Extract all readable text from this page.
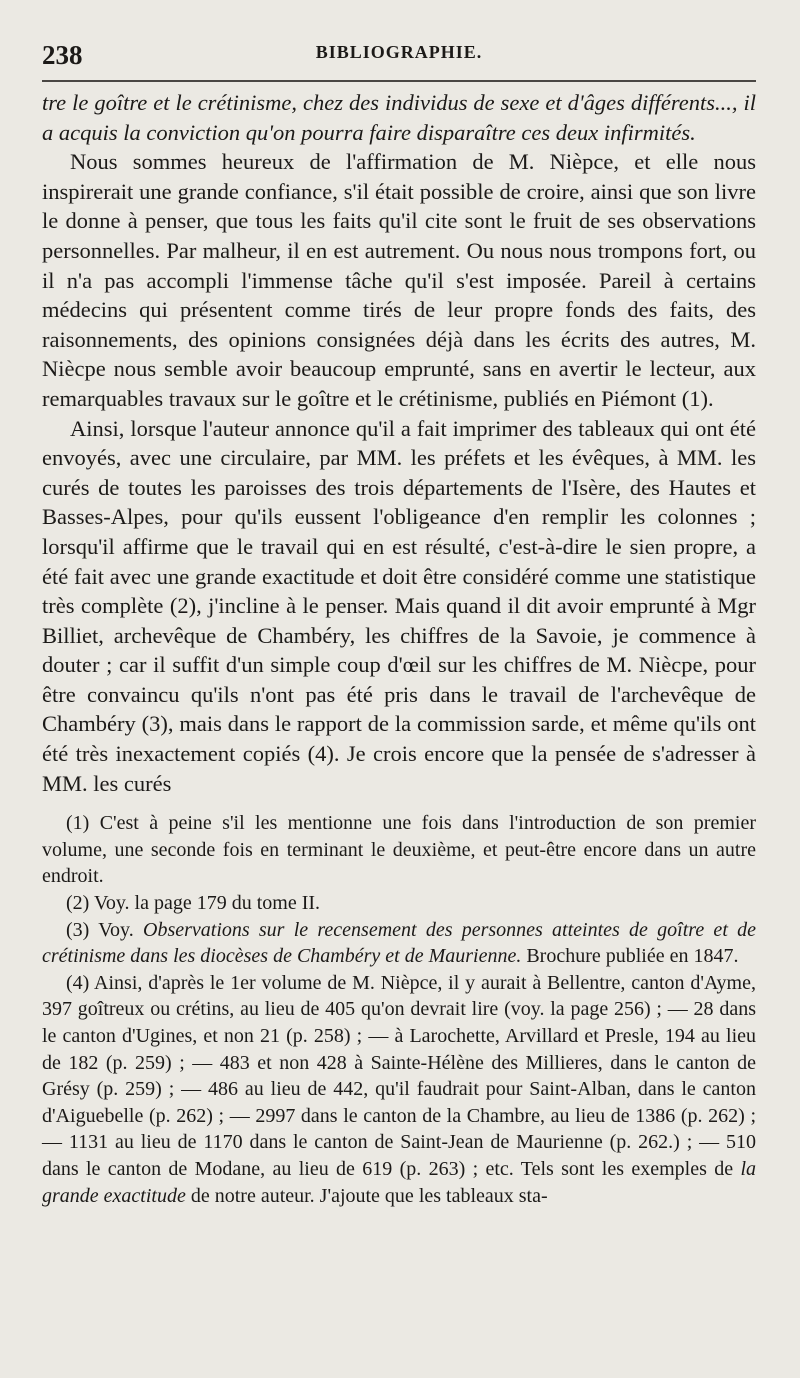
238	BIBLIOGRAPHIE.

tre le goître et le crétinisme, chez des individus de sexe et d'âges différents..., il a acquis la conviction qu'on pourra faire disparaître ces deux infirmités.

Nous sommes heureux de l'affirmation de M. Nièpce, et elle nous inspirerait une grande confiance, s'il était possible de croire, ainsi que son livre le donne à penser, que tous les faits qu'il cite sont le fruit de ses observations personnelles. Par malheur, il en est autrement. Ou nous nous trompons fort, ou il n'a pas accompli l'immense tâche qu'il s'est imposée. Pareil à certains médecins qui présentent comme tirés de leur propre fonds des faits, des raisonnements, des opinions consignées déjà dans les écrits des autres, M. Niècpe nous semble avoir beaucoup emprunté, sans en avertir le lecteur, aux remarquables travaux sur le goître et le crétinisme, publiés en Piémont (1).

Ainsi, lorsque l'auteur annonce qu'il a fait imprimer des tableaux qui ont été envoyés, avec une circulaire, par MM. les préfets et les évêques, à MM. les curés de toutes les paroisses des trois départements de l'Isère, des Hautes et Basses-Alpes, pour qu'ils eussent l'obligeance d'en remplir les colonnes ; lorsqu'il affirme que le travail qui en est résulté, c'est-à-dire le sien propre, a été fait avec une grande exactitude et doit être considéré comme une statistique très complète (2), j'incline à le penser. Mais quand il dit avoir emprunté à Mgr Billiet, archevêque de Chambéry, les chiffres de la Savoie, je commence à douter ; car il suffit d'un simple coup d'œil sur les chiffres de M. Niècpe, pour être convaincu qu'ils n'ont pas été pris dans le travail de l'archevêque de Chambéry (3), mais dans le rapport de la commission sarde, et même qu'ils ont été très inexactement copiés (4). Je crois encore que la pensée de s'adresser à MM. les curés

(1) C'est à peine s'il les mentionne une fois dans l'introduction de son premier volume, une seconde fois en terminant le deuxième, et peut-être encore dans un autre endroit.

(2) Voy. la page 179 du tome II.

(3) Voy. Observations sur le recensement des personnes atteintes de goître et de crétinisme dans les diocèses de Chambéry et de Maurienne. Brochure publiée en 1847.

(4) Ainsi, d'après le 1er volume de M. Nièpce, il y aurait à Bellentre, canton d'Ayme, 397 goîtreux ou crétins, au lieu de 405 qu'on devrait lire (voy. la page 256) ; — 28 dans le canton d'Ugines, et non 21 (p. 258) ; — à Larochette, Arvillard et Presle, 194 au lieu de 182 (p. 259) ; — 483 et non 428 à Sainte-Hélène des Millieres, dans le canton de Grésy (p. 259) ; — 486 au lieu de 442, qu'il faudrait pour Saint-Alban, dans le canton d'Aiguebelle (p. 262) ; — 2997 dans le canton de la Chambre, au lieu de 1386 (p. 262) ; — 1131 au lieu de 1170 dans le canton de Saint-Jean de Maurienne (p. 262.) ; — 510 dans le canton de Modane, au lieu de 619 (p. 263) ; etc. Tels sont les exemples de la grande exactitude de notre auteur. J'ajoute que les tableaux sta-
